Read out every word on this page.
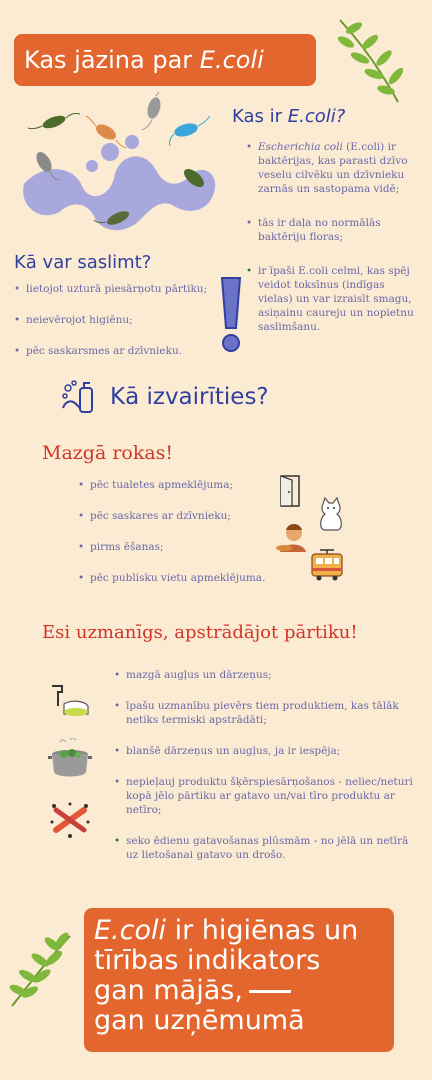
Kas jāzina par E.coli
Kas ir E.coli?
• Escherichia coli (E.coli) ir baktērijas, kas parasti dzīvo veselu cilvēku un dzīvnieku zarnās un sastopama vidē;
• tās ir daļa no normālās baktēriju floras;
• ir īpaši E.coli celmi, kas spēj veidot toksīnus (indīgas vielas) un var izraisīt smagu, asiņainu caureju un nopietnu saslimšanu.
Kā var saslimt?
• lietojot uzturā piesārņotu pārtiku;
• neievērojot higiēnu;
• pēc saskarsmes ar dzīvnieku.
Kā izvairīties?
Mazgā rokas!
• pēc tualetes apmeklējuma;
• pēc saskares ar dzīvnieku;
• pirms ēšanas;
• pēc publisku vietu apmeklējuma.
Esi uzmanīgs, apstrādājot pārtiku!
• mazgā augļus un dārzeņus;
• īpašu uzmanību pievērs tiem produktiem, kas tālāk netiks termiski apstrādāti;
• blanšē dārzeņus un augļus, ja ir iespēja;
• nepieļauj produktu šķērspiesārņošanos - neliec/neturi kopā jēlo pārtiku ar gatavo un/vai tīro produktu ar netīro;
• seko ēdienu gatavošanas plūsmām - no jēlā un netīrā uz lietošanai gatavo un drošo.
E.coli ir higiēnas un
tīrības indikators
gan mājās,
gan uzņēmumā
